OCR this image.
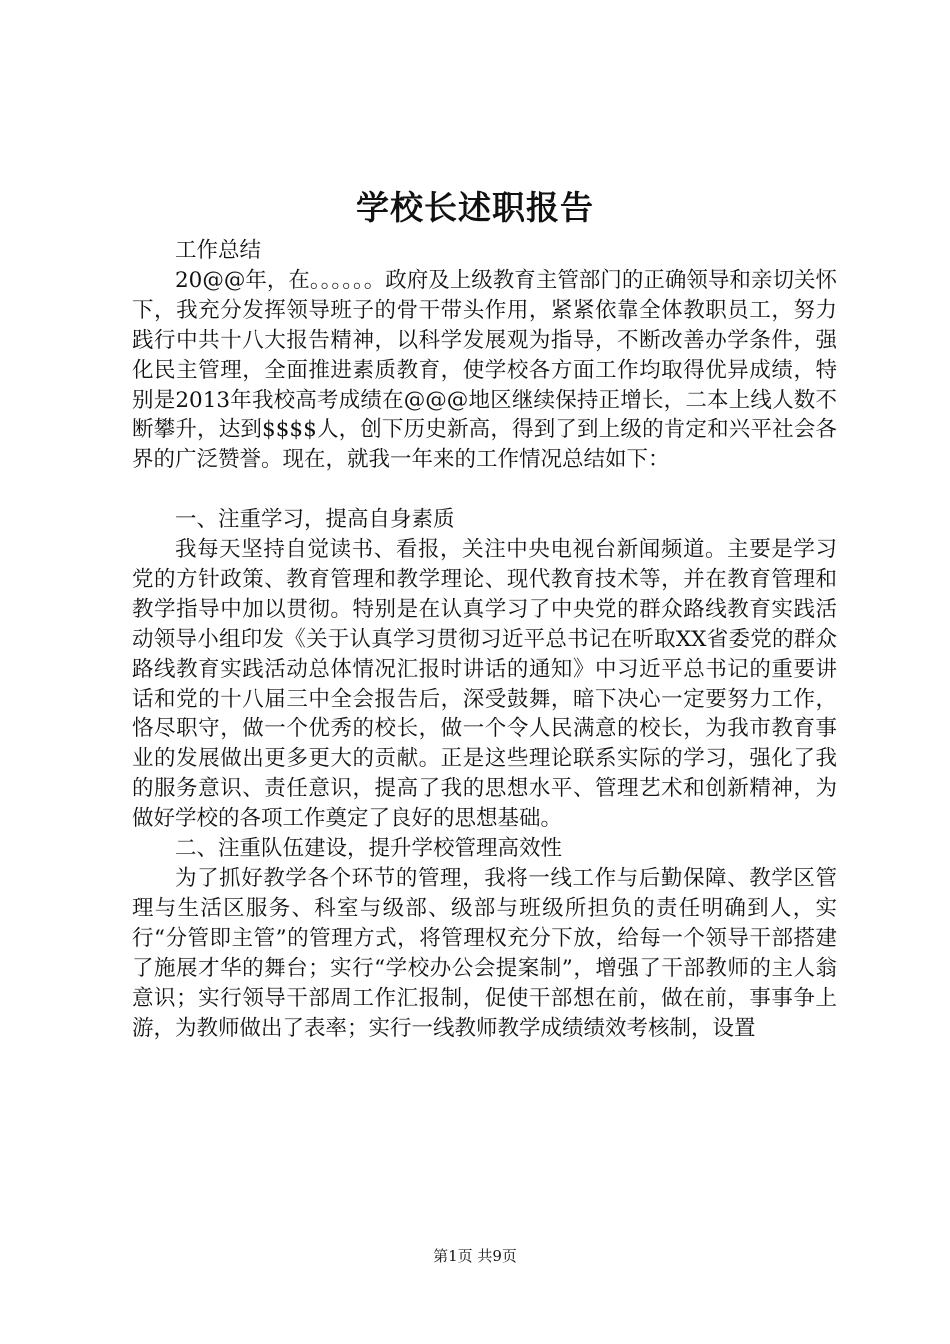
学校长述职报告

工作总结

20@@年，在。。。。。。政府及上级教育主管部门的正确领导和亲切关怀下，我充分发挥领导班子的骨干带头作用，紧紧依靠全体教职员工，努力践行中共十八大报告精神，以科学发展观为指导，不断改善办学条件，强化民主管理，全面推进素质教育，使学校各方面工作均取得优异成绩，特别是2013年我校高考成绩在@@@地区继续保持正增长，二本上线人数不断攀升，达到$$$$人，创下历史新高，得到了到上级的肯定和兴平社会各界的广泛赞誉。现在，就我一年来的工作情况总结如下：

一、注重学习，提高自身素质

我每天坚持自觉读书、看报，关注中央电视台新闻频道。主要是学习党的方针政策、教育管理和教学理论、现代教育技术等，并在教育管理和教学指导中加以贯彻。特别是在认真学习了中央党的群众路线教育实践活动领导小组印发《关于认真学习贯彻习近平总书记在听取XX省委党的群众路线教育实践活动总体情况汇报时讲话的通知》中习近平总书记的重要讲话和党的十八届三中全会报告后，深受鼓舞，暗下决心一定要努力工作，恪尽职守，做一个优秀的校长，做一个令人民满意的校长，为我市教育事业的发展做出更多更大的贡献。正是这些理论联系实际的学习，强化了我的服务意识、责任意识，提高了我的思想水平、管理艺术和创新精神，为做好学校的各项工作奠定了良好的思想基础。

二、注重队伍建设，提升学校管理高效性

为了抓好教学各个环节的管理，我将一线工作与后勤保障、教学区管理与生活区服务、科室与级部、级部与班级所担负的责任明确到人，实行“分管即主管”的管理方式，将管理权充分下放，给每一个领导干部搭建了施展才华的舞台；实行“学校办公会提案制”，增强了干部教师的主人翁意识；实行领导干部周工作汇报制，促使干部想在前，做在前，事事争上游，为教师做出了表率；实行一线教师教学成绩绩效考核制，设置

第1页 共9页
